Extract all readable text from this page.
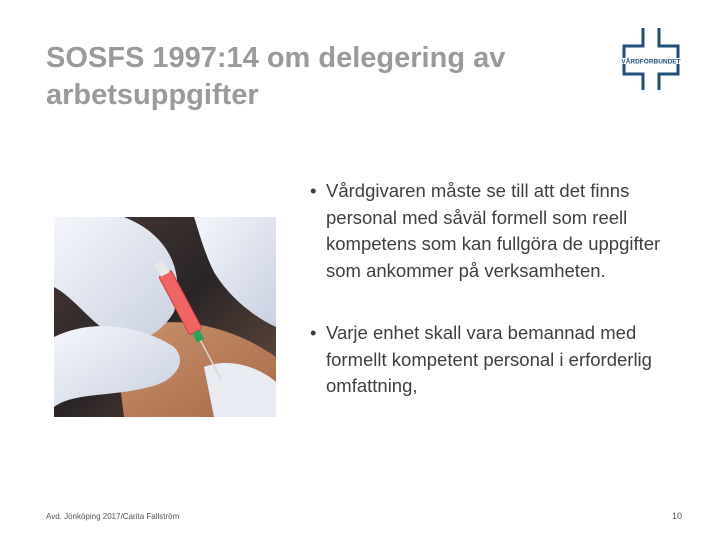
SOSFS 1997:14 om delegering av arbetsuppgifter
VÅRDFÖRBUNDET
• Vårdgivaren måste se till att det finns personal med såväl formell som reell kompetens som kan fullgöra de uppgifter som ankommer på verksamheten.
• Varje enhet skall vara bemannad med formellt kompetent personal i erforderlig omfattning,
Avd. Jönköping 2017/Carita Fallström	10
